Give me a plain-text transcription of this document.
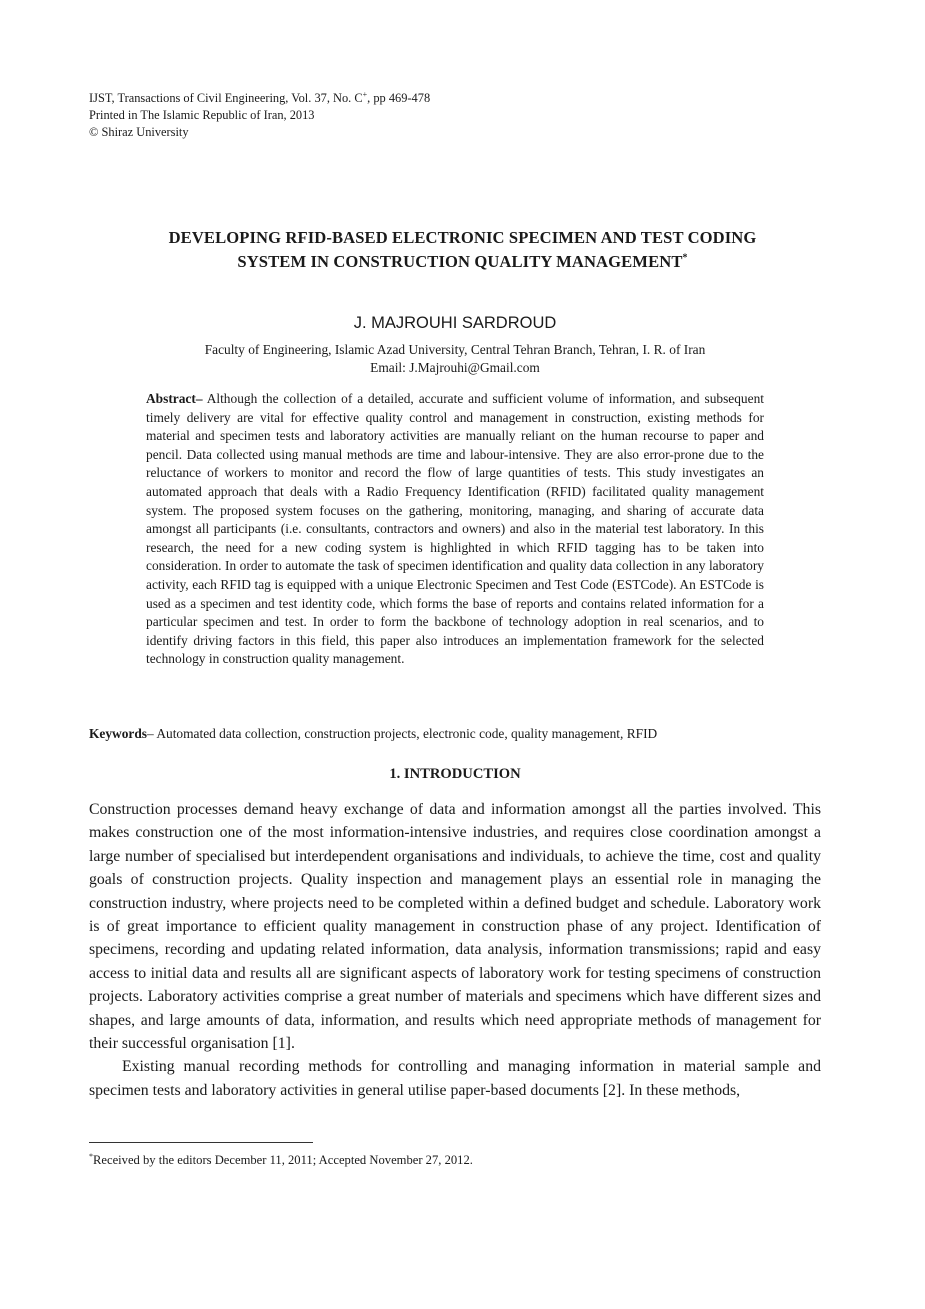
IJST, Transactions of Civil Engineering, Vol. 37, No. C+, pp 469-478
Printed in The Islamic Republic of Iran, 2013
© Shiraz University
DEVELOPING RFID-BASED ELECTRONIC SPECIMEN AND TEST CODING
SYSTEM IN CONSTRUCTION QUALITY MANAGEMENT*
J. MAJROUHI SARDROUD
Faculty of Engineering, Islamic Azad University, Central Tehran Branch, Tehran, I. R. of Iran
Email: J.Majrouhi@Gmail.com
Abstract– Although the collection of a detailed, accurate and sufficient volume of information, and subsequent timely delivery are vital for effective quality control and management in construction, existing methods for material and specimen tests and laboratory activities are manually reliant on the human recourse to paper and pencil. Data collected using manual methods are time and labour-intensive. They are also error-prone due to the reluctance of workers to monitor and record the flow of large quantities of tests. This study investigates an automated approach that deals with a Radio Frequency Identification (RFID) facilitated quality management system. The proposed system focuses on the gathering, monitoring, managing, and sharing of accurate data amongst all participants (i.e. consultants, contractors and owners) and also in the material test laboratory. In this research, the need for a new coding system is highlighted in which RFID tagging has to be taken into consideration. In order to automate the task of specimen identification and quality data collection in any laboratory activity, each RFID tag is equipped with a unique Electronic Specimen and Test Code (ESTCode). An ESTCode is used as a specimen and test identity code, which forms the base of reports and contains related information for a particular specimen and test. In order to form the backbone of technology adoption in real scenarios, and to identify driving factors in this field, this paper also introduces an implementation framework for the selected technology in construction quality management.
Keywords– Automated data collection, construction projects, electronic code, quality management, RFID
1. INTRODUCTION

Construction processes demand heavy exchange of data and information amongst all the parties involved. This makes construction one of the most information-intensive industries, and requires close coordination amongst a large number of specialised but interdependent organisations and individuals, to achieve the time, cost and quality goals of construction projects. Quality inspection and management plays an essential role in managing the construction industry, where projects need to be completed within a defined budget and schedule. Laboratory work is of great importance to efficient quality management in construction phase of any project. Identification of specimens, recording and updating related information, data analysis, information transmissions; rapid and easy access to initial data and results all are significant aspects of laboratory work for testing specimens of construction projects. Laboratory activities comprise a great number of materials and specimens which have different sizes and shapes, and large amounts of data, information, and results which need appropriate methods of management for their successful organisation [1].

Existing manual recording methods for controlling and managing information in material sample and specimen tests and laboratory activities in general utilise paper-based documents [2]. In these methods,

*Received by the editors December 11, 2011; Accepted November 27, 2012.
